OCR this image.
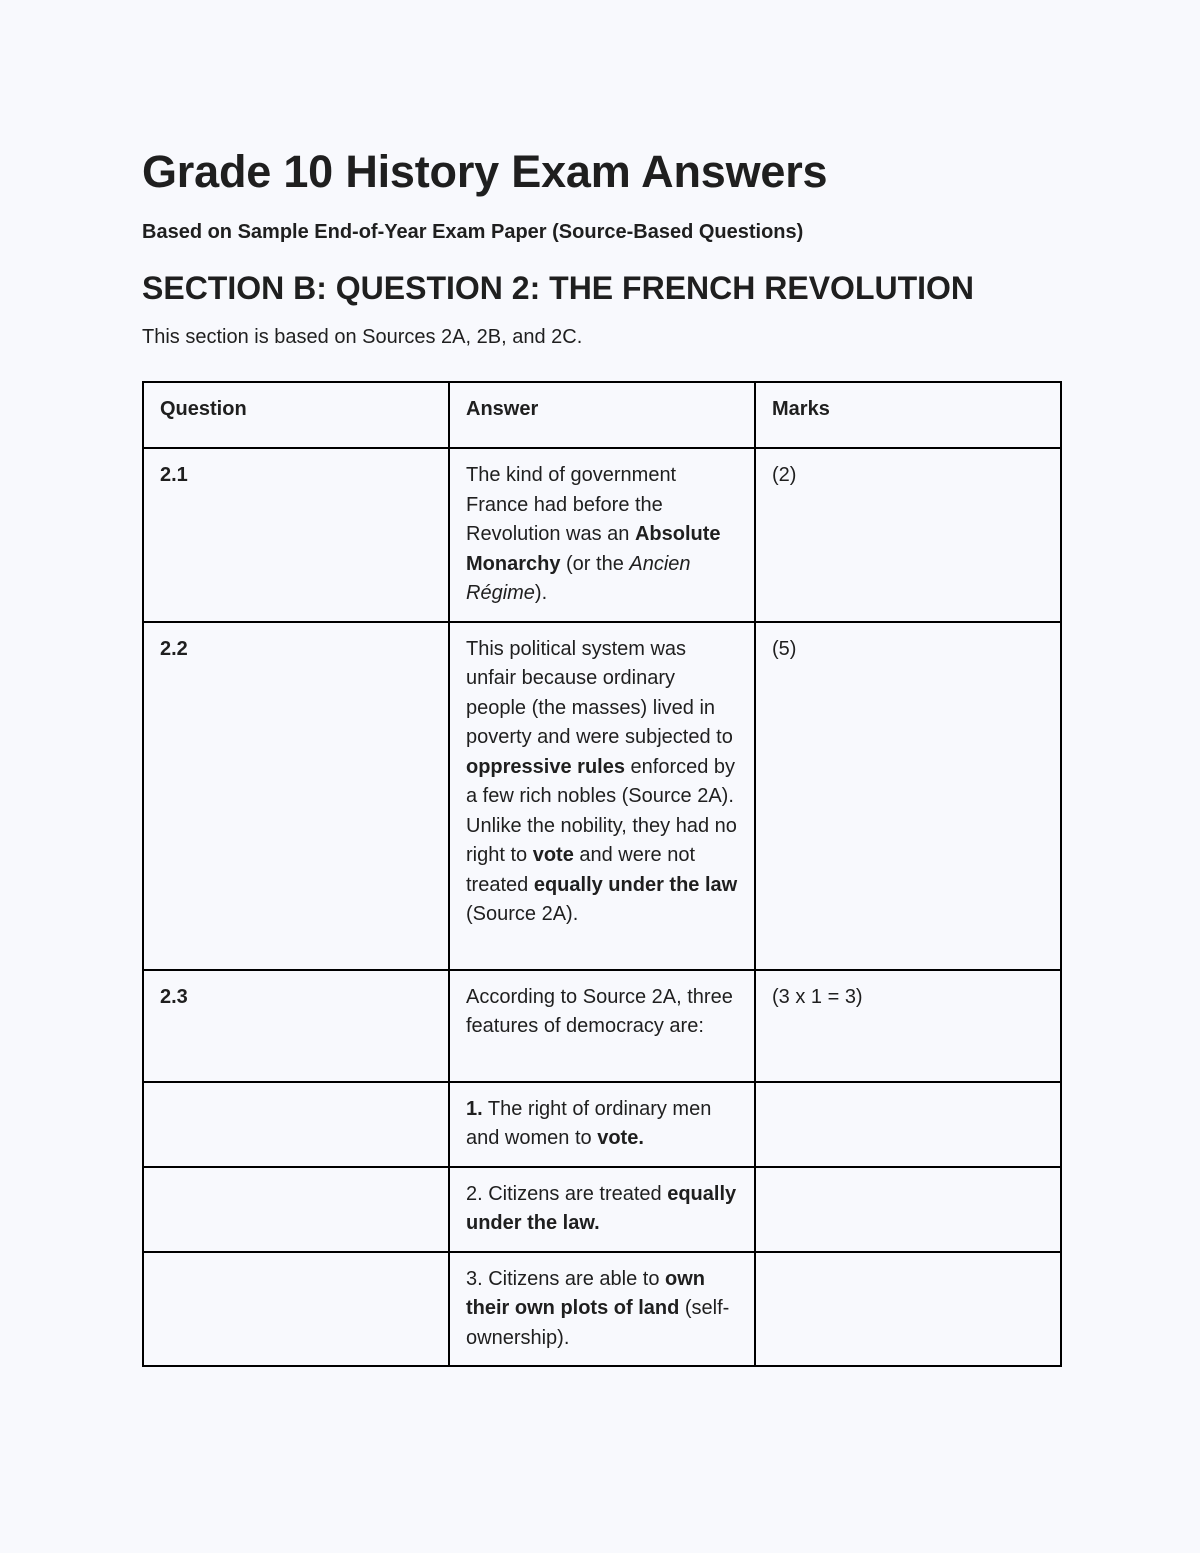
Grade 10 History Exam Answers

Based on Sample End-of-Year Exam Paper (Source-Based Questions)

SECTION B: QUESTION 2: THE FRENCH REVOLUTION

This section is based on Sources 2A, 2B, and 2C.

Question	Answer	Marks
2.1	The kind of government France had before the Revolution was an Absolute Monarchy (or the Ancien Régime).	(2)
2.2	This political system was unfair because ordinary people (the masses) lived in poverty and were subjected to oppressive rules enforced by a few rich nobles (Source 2A). Unlike the nobility, they had no right to vote and were not treated equally under the law (Source 2A).	(5)
2.3	According to Source 2A, three features of democracy are:	(3 x 1 = 3)
	1. The right of ordinary men and women to vote.	
	2. Citizens are treated equally under the law.	
	3. Citizens are able to own their own plots of land (self-ownership).	
